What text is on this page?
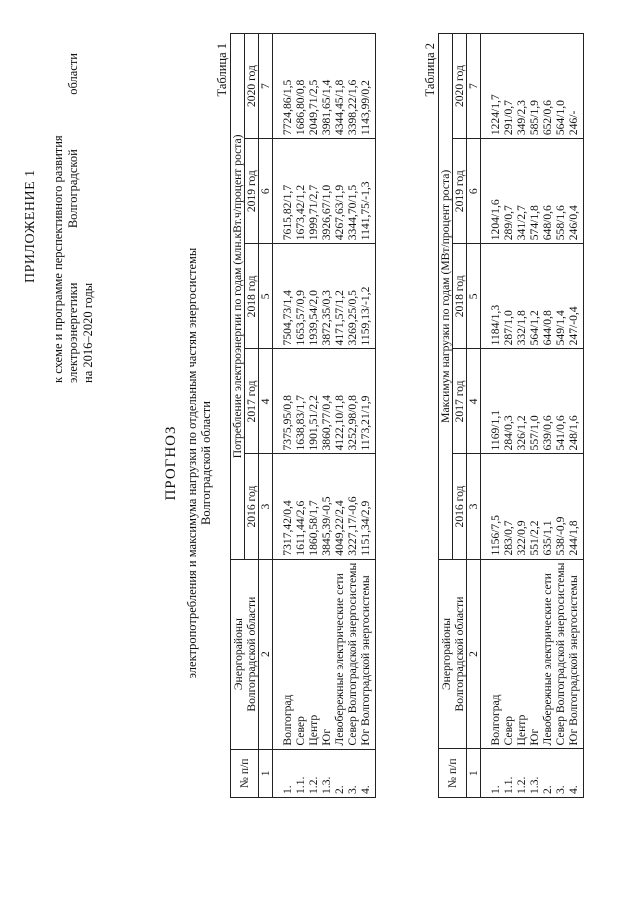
ПРИЛОЖЕНИЕ 1 к схеме и программе перспективного развития электроэнергетики
Волгоградской
области
на 2016–2020 годы
ПРОГНОЗ электропотребления и максимума нагрузки по отдельным частям энергосистемы Волгоградской области
Таблица 1
№ п/п	Энергорайоны Волгоградской области	Потребление электроэнергии по годам (млн.кВт.ч/процент роста)				
		2016 год	2017 год	2018 год	2019 год	2020 год
1	2	3	4	5	6	7
1.	Волгоград	7317,42/0,4	7375,95/0,8	7504,73/1,4	7615,82/1,7	7724,86/1,5
1.1.	Север	1611,44/2,6	1638,83/1,7	1653,57/0,9	1673,42/1,2	1686,80/0,8
1.2.	Центр	1860,58/1,7	1901,51/2,2	1939,54/2,0	1999,71/2,7	2049,71/2,5
1.3.	Юг	3845,39/-0,5	3860,77/0,4	3872,35/0,3	3926,67/1,0	3981,65/1,4
2.	Левобережные электрические сети	4049,22/2,4	4122,10/1,8	4171,57/1,2	4267,63/1,9	4344,45/1,8
3.	Север Волгоградской энергосистемы	3227,17/-0,6	3252,98/0,8	3269,25/0,5	3344,70/1,5	3398,22/1,6
4.	Юг Волгоградской энергосистемы	1151,34/2,9	1173,21/1,9	1159,13/-1,2	1141,75/-1,3	1143,99/0,2
Таблица 2
№ п/п	Энергорайоны Волгоградской области	Максимум нагрузки по годам (МВт/процент роста)				
		2016 год	2017 год	2018 год	2019 год	2020 год
1	2	3	4	5	6	7
1.	Волгоград	1156/7,5	1169/1,1	1184/1,3	1204/1,6	1224/1,7
1.1.	Север	283/0,7	284/0,3	287/1,0	289/0,7	291/0,7
1.2.	Центр	322/0,9	326/1,2	332/1,8	341/2,7	349/2,3
1.3.	Юг	551/2,2	557/1,0	564/1,2	574/1,8	585/1,9
2.	Левобережные электрические сети	635/1,1	639/0,6	644/0,8	648/0,6	652/0,6
3.	Север Волгоградской энергосистемы	538/-0,9	541/0,6	549/1,4	558/1,6	564/1,0
4.	Юг Волгоградской энергосистемы	244/1,8	248/1,6	247/-0,4	246/0,4	246/-
